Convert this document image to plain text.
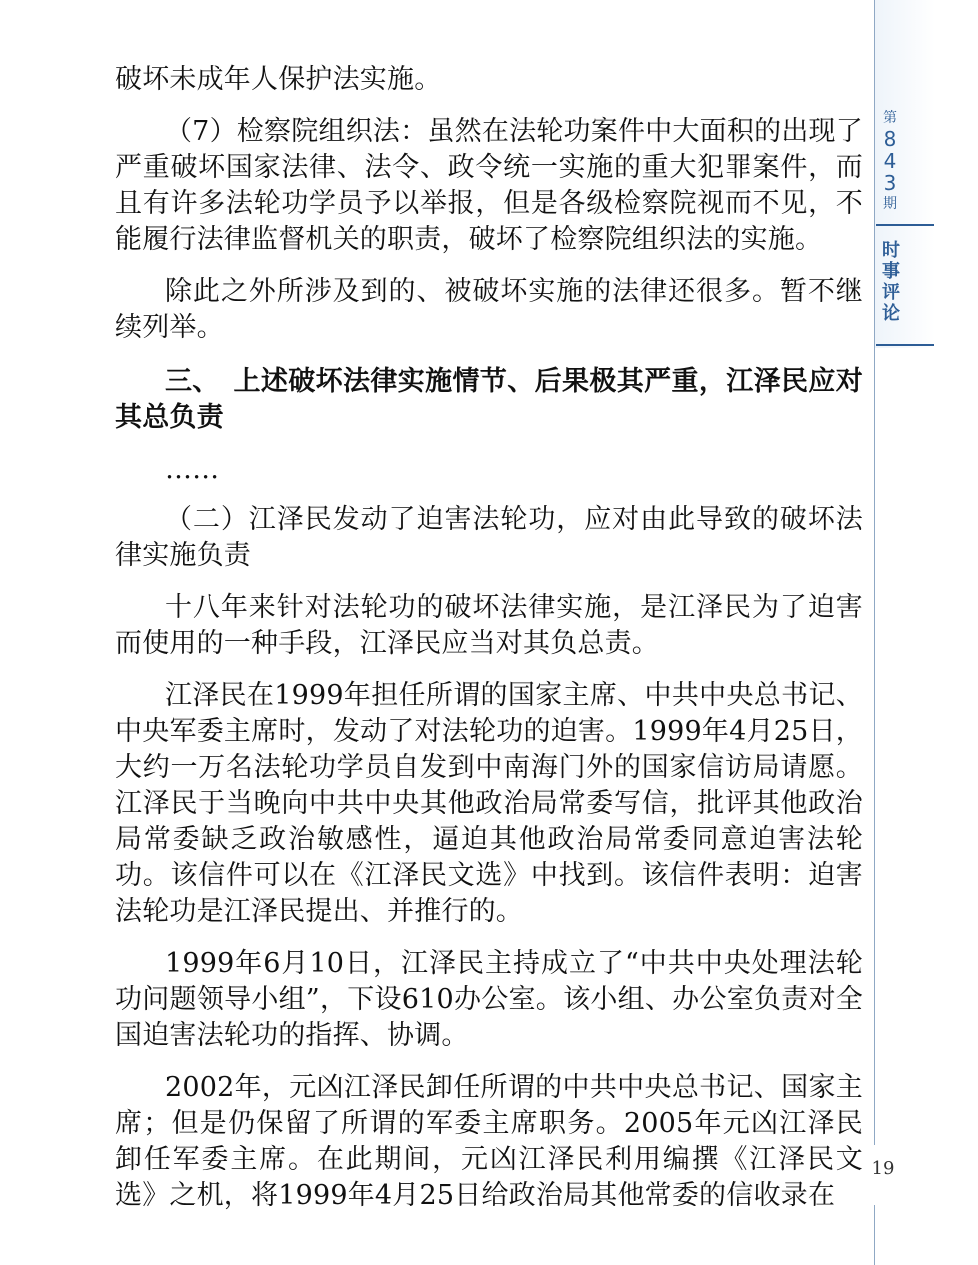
第
8
4
3
期
时
事
评
论

破坏未成年人保护法实施。

（7）检察院组织法：虽然在法轮功案件中大面积的出现了严重破坏国家法律、法令、政令统一实施的重大犯罪案件，而且有许多法轮功学员予以举报，但是各级检察院视而不见，不能履行法律监督机关的职责，破坏了检察院组织法的实施。

除此之外所涉及到的、被破坏实施的法律还很多。暂不继续列举。

三、　上述破坏法律实施情节、后果极其严重，江泽民应对其总负责

……

（二）江泽民发动了迫害法轮功，应对由此导致的破坏法律实施负责

十八年来针对法轮功的破坏法律实施，是江泽民为了迫害而使用的一种手段，江泽民应当对其负总责。

江泽民在1999年担任所谓的国家主席、中共中央总书记、中央军委主席时，发动了对法轮功的迫害。1999年4月25日，大约一万名法轮功学员自发到中南海门外的国家信访局请愿。江泽民于当晚向中共中央其他政治局常委写信，批评其他政治局常委缺乏政治敏感性，逼迫其他政治局常委同意迫害法轮功。该信件可以在《江泽民文选》中找到。该信件表明：迫害法轮功是江泽民提出、并推行的。

1999年6月10日，江泽民主持成立了“中共中央处理法轮功问题领导小组”，下设610办公室。该小组、办公室负责对全国迫害法轮功的指挥、协调。

2002年，元凶江泽民卸任所谓的中共中央总书记、国家主席；但是仍保留了所谓的军委主席职务。2005年元凶江泽民卸任军委主席。在此期间，元凶江泽民利用编撰《江泽民文选》之机，将1999年4月25日给政治局其他常委的信收录在

19
